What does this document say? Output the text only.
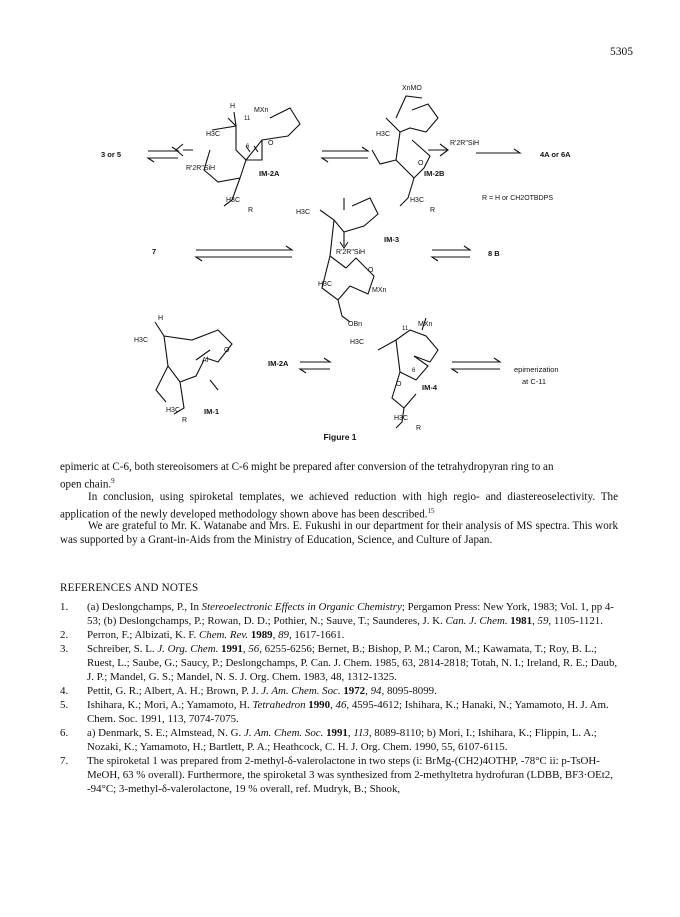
5305
3 or 5	4A or 6A
IM-2A	IM-2B
R = H or CH2OTBDPS
R'2R"SiH
R'2R"SiH
MXn
XnMO
H3C	H3C
H3C
R
H3C
R
H
11
6	O
O
7	8 B
IM-3
H3C
R'2R"SiH
H3C
O
MXn
OBn
H
H3C
Al
O
H3C
R
IM-1
IM-2A
H3C
MXn
11
6
O	IM-4
H3C
R
epimerization
at C-11
Figure 1
epimeric at C-6, both stereoisomers at C-6 might be prepared after conversion of the tetrahydropyran ring to an
open chain.$^9$
In conclusion, using spiroketal templates, we achieved reduction with high regio- and diastereoselectivity. The application of the newly developed methodology shown above has been described.$^{15}$
We are grateful to Mr. K. Watanabe and Mrs. E. Fukushi in our department for their analysis of MS spectra. This work was supported by a Grant-in-Aids from the Ministry of Education, Science, and Culture of Japan.
REFERENCES AND NOTES

1. (a) Deslongchamps, P., In Stereoelectronic Effects in Organic Chemistry; Pergamon Press: New York, 1983; Vol. 1, pp 4-53; (b) Deslongchamps, P.; Rowan, D. D.; Pothier, N.; Sauve, T.; Saunderes, J. K. Can. J. Chem. 1981, 59, 1105-1121.

2. Perron, F.; Albizati, K. F. Chem. Rev. 1989, 89, 1617-1661.

3. Schreiber, S. L. J. Org. Chem. 1991, 56, 6255-6256; Bernet, B.; Bishop, P. M.; Caron, M.; Kawamata, T.; Roy, B. L.; Ruest, L.; Saube, G.; Saucy, P.; Deslongchamps, P. Can. J. Chem. 1985, 63, 2814-2818; Totah, N. I.; Ireland, R. E.; Daub, J. P.; Mandel, G. S.; Mandel, N. S. J. Org. Chem. 1983, 48, 1312-1325.

4. Pettit, G. R.; Albert, A. H.; Brown, P. J. J. Am. Chem. Soc. 1972, 94, 8095-8099.

5. Ishihara, K.; Mori, A.; Yamamoto, H. Tetrahedron 1990, 46, 4595-4612; Ishihara, K.; Hanaki, N.; Yamamoto, H. J. Am. Chem. Soc. 1991, 113, 7074-7075.

6. a) Denmark, S. E.; Almstead, N. G. J. Am. Chem. Soc. 1991, 113, 8089-8110; b) Mori, I.; Ishihara, K.; Flippin, L. A.; Nozaki, K.; Yamamoto, H.; Bartlett, P. A.; Heathcock, C. H. J. Org. Chem. 1990, 55, 6107-6115.

7. The spiroketal 1 was prepared from 2-methyl-δ-valerolactone in two steps (i: BrMg-(CH2)4OTHP, -78°C ii: p-TsOH-MeOH, 63 % overall). Furthermore, the spiroketal 3 was synthesized from 2-methyltetra hydrofuran (LDBB, BF3·OEt2, -94°C; 3-methyl-δ-valerolactone, 19 % overall, ref. Mudryk, B.; Shook,
